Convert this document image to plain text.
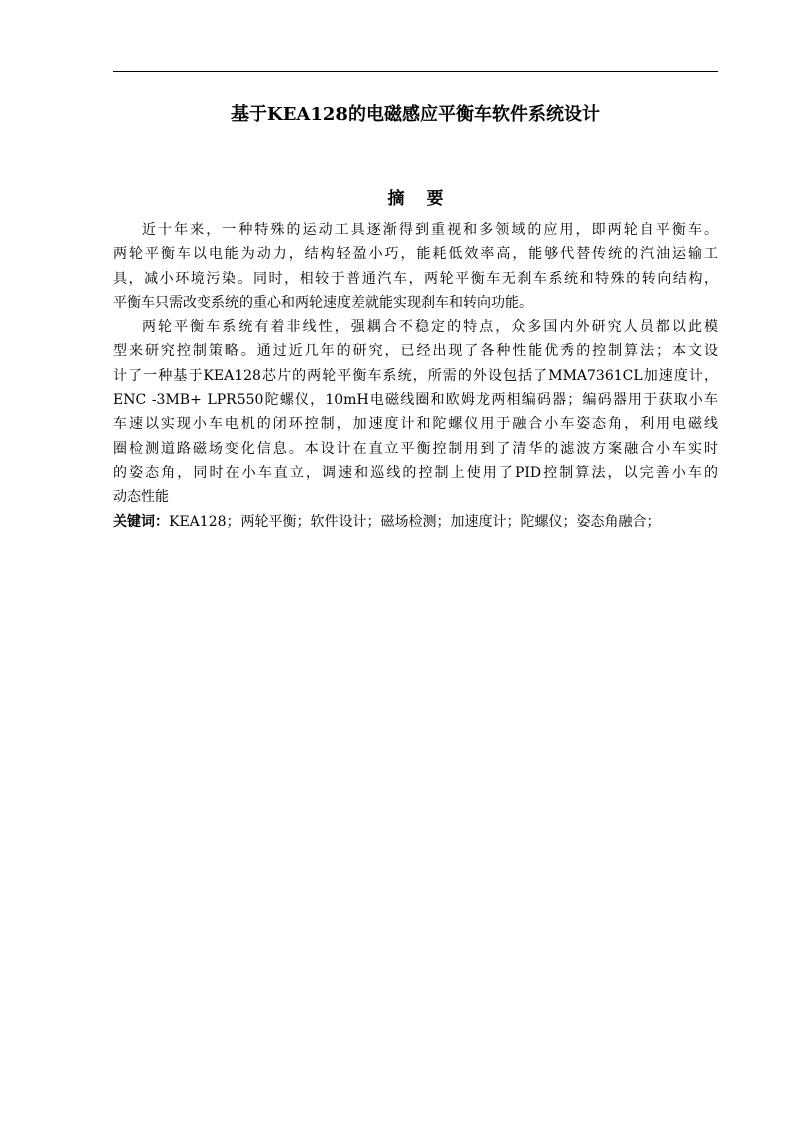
基于KEA128的电磁感应平衡车软件系统设计
摘要
近十年来，一种特殊的运动工具逐渐得到重视和多领域的应用，即两轮自平衡车。
两轮平衡车以电能为动力，结构轻盈小巧，能耗低效率高，能够代替传统的汽油运输工
具，减小环境污染。同时，相较于普通汽车，两轮平衡车无刹车系统和特殊的转向结构，
平衡车只需改变系统的重心和两轮速度差就能实现刹车和转向功能。
两轮平衡车系统有着非线性，强耦合不稳定的特点，众多国内外研究人员都以此模
型来研究控制策略。通过近几年的研究，已经出现了各种性能优秀的控制算法；本文设
计了一种基于KEA128芯片的两轮平衡车系统，所需的外设包括了MMA7361CL加速度计，
ENC -3MB+ LPR550陀螺仪，10mH电磁线圈和欧姆龙两相编码器；编码器用于获取小车
车速以实现小车电机的闭环控制，加速度计和陀螺仪用于融合小车姿态角，利用电磁线
圈检测道路磁场变化信息。本设计在直立平衡控制用到了清华的滤波方案融合小车实时
的姿态角，同时在小车直立，调速和巡线的控制上使用了PID控制算法，以完善小车的
动态性能
关键词：KEA128；两轮平衡；软件设计；磁场检测；加速度计；陀螺仪；姿态角融合；
